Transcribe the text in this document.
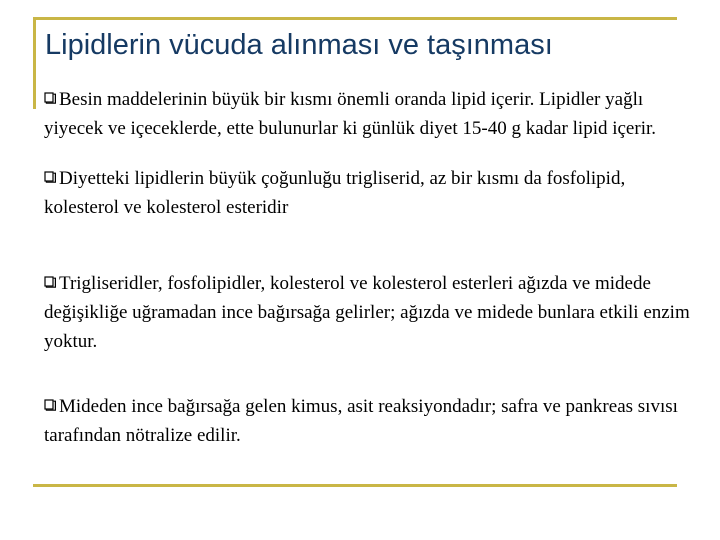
Lipidlerin vücuda alınması ve taşınması

Besin maddelerinin büyük bir kısmı önemli oranda lipid içerir. Lipidler yağlı yiyecek ve içeceklerde, ette bulunurlar ki günlük diyet 15-40 g kadar lipid içerir.

Diyetteki lipidlerin büyük çoğunluğu trigliserid, az bir kısmı da fosfolipid, kolesterol ve kolesterol esteridir

Trigliseridler, fosfolipidler, kolesterol ve kolesterol esterleri ağızda ve midede değişikliğe uğramadan ince bağırsağa gelirler; ağızda ve midede bunlara etkili enzim yoktur.

Mideden ince bağırsağa gelen kimus, asit reaksiyondadır; safra ve pankreas sıvısı tarafından nötralize edilir.
